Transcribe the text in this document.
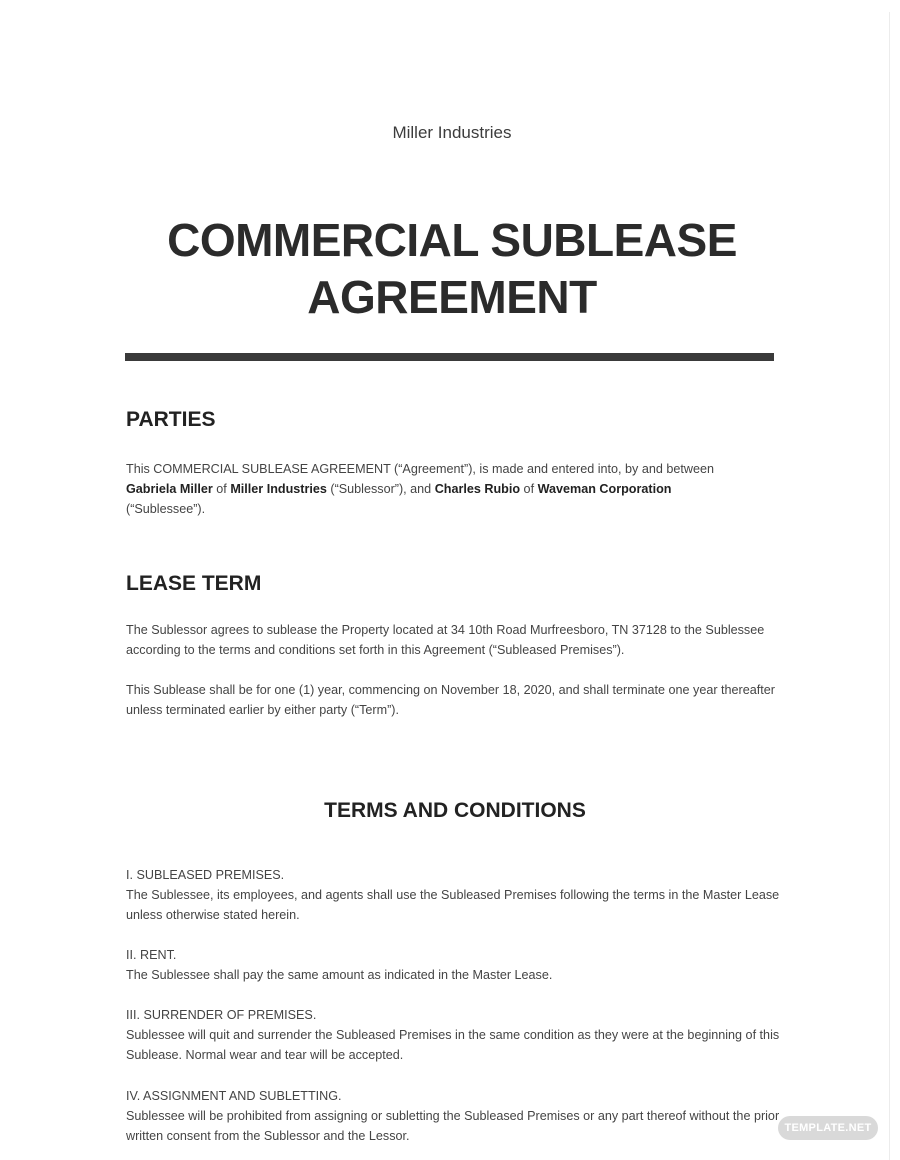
Miller Industries
COMMERCIAL SUBLEASE
AGREEMENT
PARTIES
This COMMERCIAL SUBLEASE AGREEMENT (“Agreement”), is made and entered into, by and between
Gabriela Miller of Miller Industries (“Sublessor”), and Charles Rubio of Waveman Corporation
(“Sublessee”).
LEASE TERM
The Sublessor agrees to sublease the Property located at 34 10th Road Murfreesboro, TN 37128 to the Sublessee according to the terms and conditions set forth in this Agreement (“Subleased Premises”).
This Sublease shall be for one (1) year, commencing on November 18, 2020, and shall terminate one year thereafter unless terminated earlier by either party (“Term”).
TERMS AND CONDITIONS
I. SUBLEASED PREMISES.
The Sublessee, its employees, and agents shall use the Subleased Premises following the terms in the Master Lease unless otherwise stated herein.
II. RENT.
The Sublessee shall pay the same amount as indicated in the Master Lease.
III. SURRENDER OF PREMISES.
Sublessee will quit and surrender the Subleased Premises in the same condition as they were at the beginning of this Sublease. Normal wear and tear will be accepted.
IV. ASSIGNMENT AND SUBLETTING.
Sublessee will be prohibited from assigning or subletting the Subleased Premises or any part thereof without the prior written consent from the Sublessor and the Lessor.
TEMPLATE.NET
